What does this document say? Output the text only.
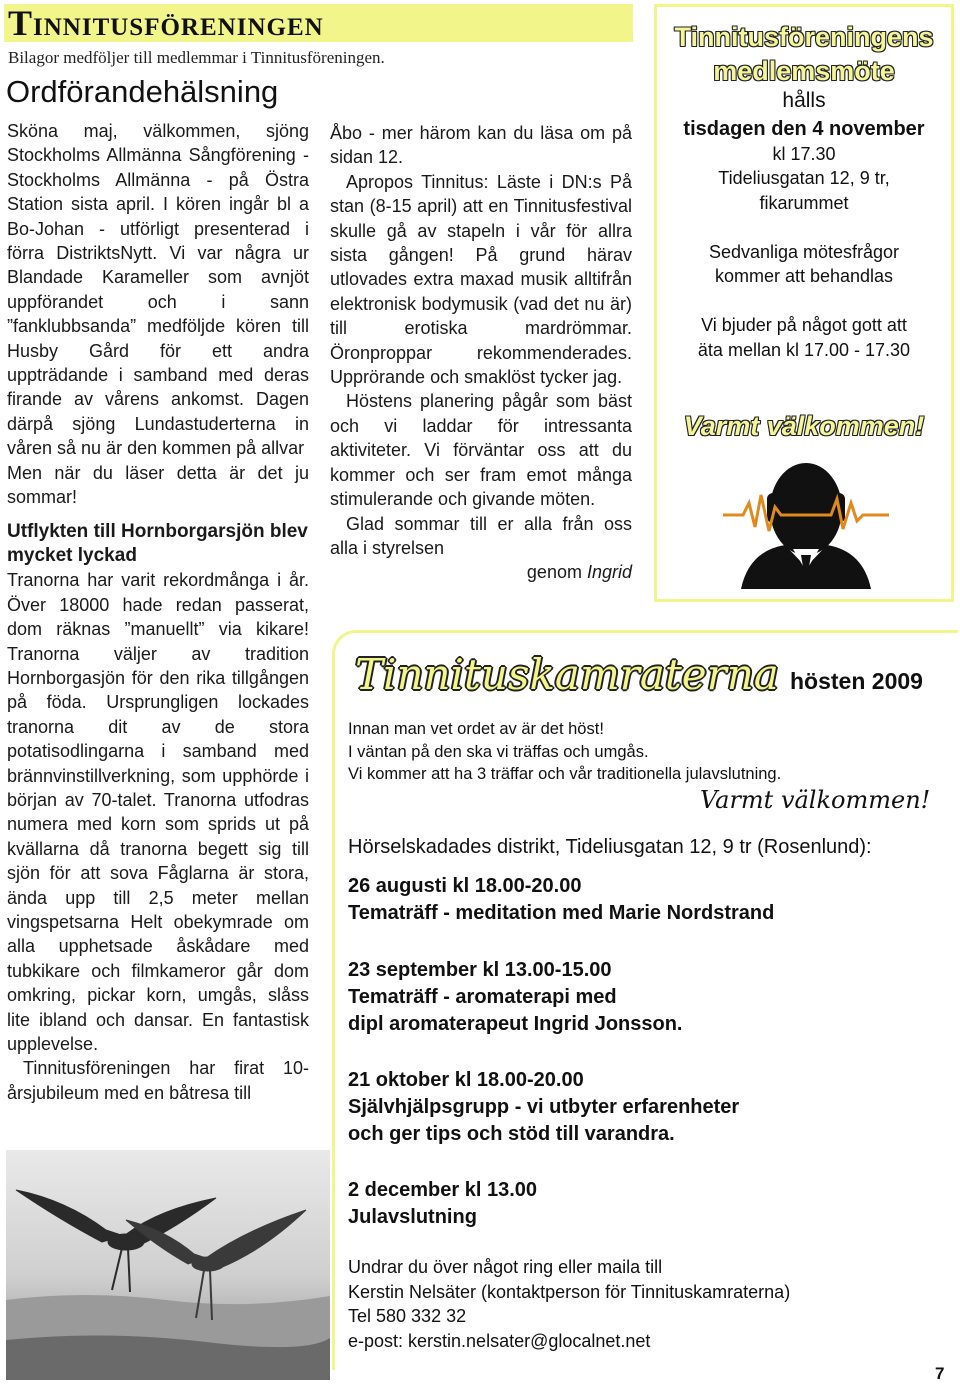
Tinnitusföreningen
Bilagor medföljer till medlemmar i Tinnitusföreningen.
Ordförandehälsning

Sköna maj, välkommen, sjöng Stockholms Allmänna Sångförening - Stockholms Allmänna - på Östra Station sista april. I kören ingår bl a Bo-Johan - utförligt presenterad i förra DistriktsNytt. Vi var några ur Blandade Karameller som avnjöt uppförandet och i sann ”fanklubbsanda” medföljde kören till Husby Gård för ett andra uppträdande i samband med deras firande av vårens ankomst. Dagen därpå sjöng Lundastuderterna in våren så nu är den kommen på allvar

Men när du läser detta är det ju sommar!

Utflykten till Hornborgarsjön blev mycket lyckad

Tranorna har varit rekordmånga i år. Över 18000 hade redan passerat, dom räknas ”manuellt” via kikare! Tranorna väljer av tradition Hornborgasjön för den rika tillgången på föda. Ursprungligen lockades tranorna dit av de stora potatisodlingarna i samband med brännvinstillverkning, som upphörde i början av 70-talet. Tranorna utfodras numera med korn som sprids ut på kvällarna då tranorna begett sig till sjön för att sova Fåglarna är stora, ända upp till 2,5 meter mellan vingspetsarna Helt obekymrade om alla upphetsade åskådare med tubkikare och filmkameror går dom omkring, pickar korn, umgås, slåss lite ibland och dansar. En fantastisk upplevelse.

Tinnitusföreningen har firat 10-årsjubileum med en båtresa till

Åbo - mer härom kan du läsa om på sidan 12.

Apropos Tinnitus: Läste i DN:s På stan (8-15 april) att en Tinnitusfestival skulle gå av stapeln i vår för allra sista gången! På grund härav utlovades extra maxad musik alltifrån elektronisk bodymusik (vad det nu är) till erotiska mardrömmar. Öronproppar rekommenderades. Upprörande och smaklöst tycker jag.

Höstens planering pågår som bäst och vi laddar för intressanta aktiviteter. Vi förväntar oss att du kommer och ser fram emot många stimulerande och givande möten.

Glad sommar till er alla från oss alla i styrelsen

genom Ingrid
Tinnitusföreningens
medlemsmöte
hålls
tisdagen den 4 november
kl 17.30
Tideliusgatan 12, 9 tr,
fikarummet
Sedvanliga mötesfrågor
kommer att behandlas
Vi bjuder på något gott att
äta mellan kl 17.00 - 17.30
Varmt välkommen!
Tinnituskamraterna hösten 2009
Innan man vet ordet av är det höst!
I väntan på den ska vi träffas och umgås.
Vi kommer att ha 3 träffar och vår traditionella julavslutning.
Varmt välkommen!
Hörselskadades distrikt, Tideliusgatan 12, 9 tr (Rosenlund):
26 augusti kl 18.00-20.00
Tematräff - meditation med Marie Nordstrand
23 september kl 13.00-15.00
Tematräff - aromaterapi med
dipl aromaterapeut Ingrid Jonsson.
21 oktober kl 18.00-20.00
Självhjälpsgrupp - vi utbyter erfarenheter
och ger tips och stöd till varandra.
2 december kl 13.00
Julavslutning
Undrar du över något ring eller maila till
Kerstin Nelsäter (kontaktperson för Tinnituskamraterna)
Tel 580 332 32
e-post: kerstin.nelsater@glocalnet.net
7
